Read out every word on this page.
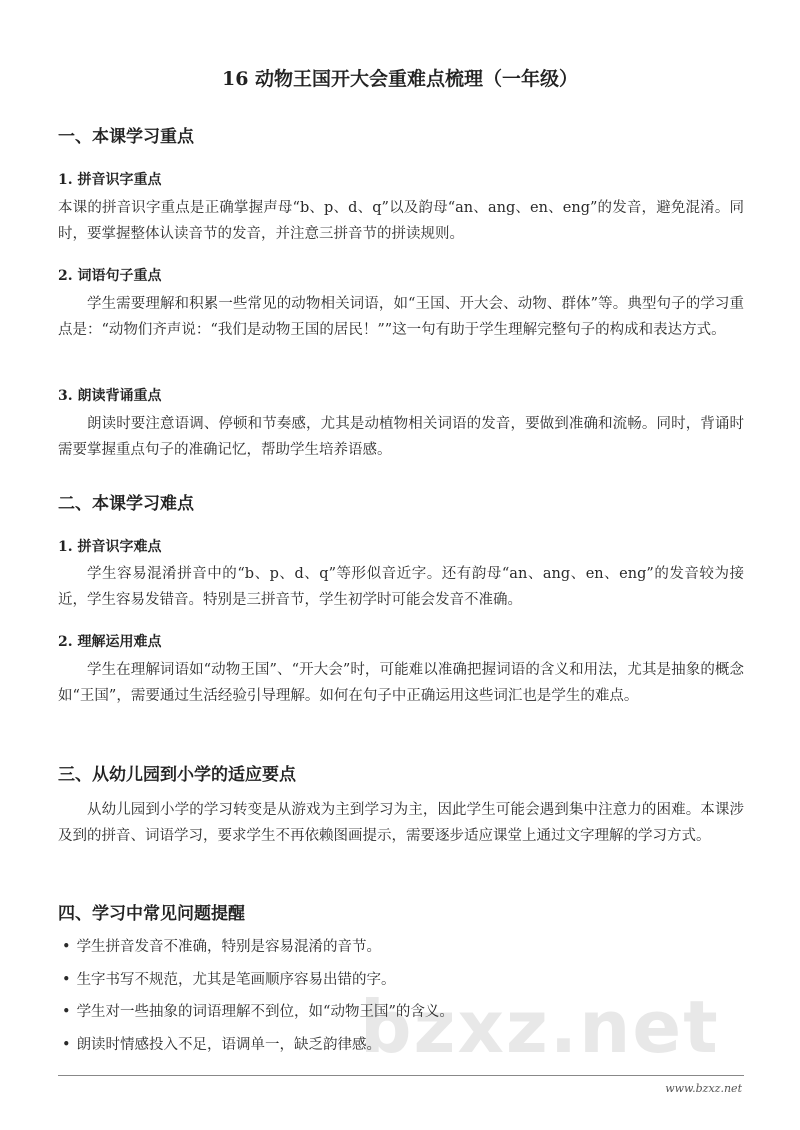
16 动物王国开大会重难点梳理（一年级）
一、本课学习重点
1. 拼音识字重点
本课的拼音识字重点是正确掌握声母“b、p、d、q”以及韵母“an、ang、en、eng”的发音，避免混淆。同时，要掌握整体认读音节的发音，并注意三拼音节的拼读规则。
2. 词语句子重点
学生需要理解和积累一些常见的动物相关词语，如“王国、开大会、动物、群体”等。典型句子的学习重点是：“动物们齐声说：“我们是动物王国的居民！””这一句有助于学生理解完整句子的构成和表达方式。
3. 朗读背诵重点
朗读时要注意语调、停顿和节奏感，尤其是动植物相关词语的发音，要做到准确和流畅。同时，背诵时需要掌握重点句子的准确记忆，帮助学生培养语感。
二、本课学习难点
1. 拼音识字难点
学生容易混淆拼音中的“b、p、d、q”等形似音近字。还有韵母“an、ang、en、eng”的发音较为接近，学生容易发错音。特别是三拼音节，学生初学时可能会发音不准确。
2. 理解运用难点
学生在理解词语如“动物王国”、“开大会”时，可能难以准确把握词语的含义和用法，尤其是抽象的概念如“王国”，需要通过生活经验引导理解。如何在句子中正确运用这些词汇也是学生的难点。
三、从幼儿园到小学的适应要点
从幼儿园到小学的学习转变是从游戏为主到学习为主，因此学生可能会遇到集中注意力的困难。本课涉及到的拼音、词语学习，要求学生不再依赖图画提示，需要逐步适应课堂上通过文字理解的学习方式。
四、学习中常见问题提醒
• 学生拼音发音不准确，特别是容易混淆的音节。
• 生字书写不规范，尤其是笔画顺序容易出错的字。
• 学生对一些抽象的词语理解不到位，如“动物王国”的含义。
• 朗读时情感投入不足，语调单一，缺乏韵律感。
bzxz.net
www.bzxz.net
